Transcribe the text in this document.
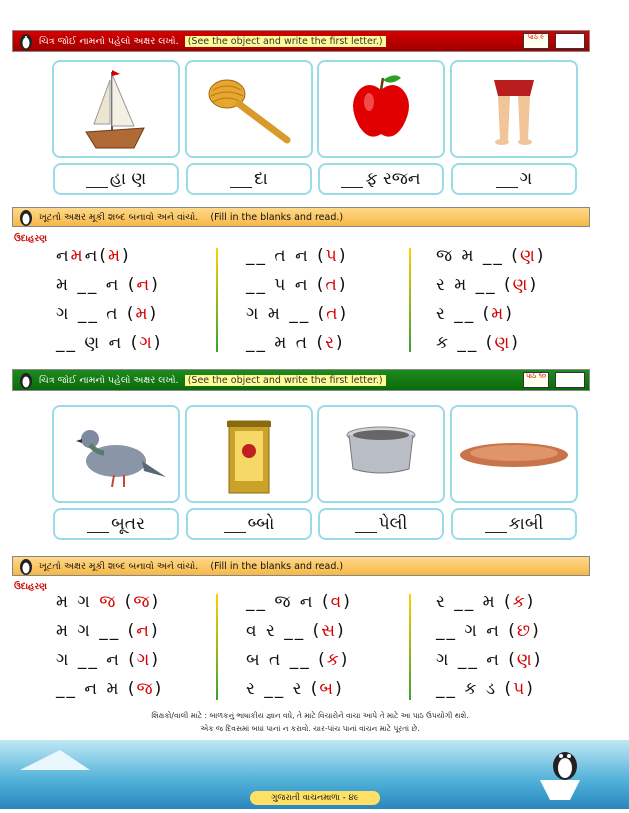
ચિત્ર જોઈ નામનો પહેલો અક્ષર લખો. (See the object and write the first letter.)	પાઠ ૯	C L
હા ણ	દા	ફ રજન	ગ
ખૂટતો અક્ષર મૂકી શબ્દ બનાવો અને વાંચો. (Fill in the blanks and read.)
ઉદાહરણ
નમન(મ)
મ __ ન (ન)
ગ __ ત (મ)
__ ણ ન (ગ)
__ ત ન (પ)
__ પ ન (ત)
ગ મ __ (ત)
__ મ ત (ર)
જ મ __ (ણ)
ર મ __ (ણ)
ર __ (મ)
ક __ (ણ)
ચિત્ર જોઈ નામનો પહેલો અક્ષર લખો. (See the object and write the first letter.)	પાઠ ૧૦	H L
બૂતર	બ્બો	પેલી	કાબી
ખૂટતો અક્ષર મૂકી શબ્દ બનાવો અને વાંચો. (Fill in the blanks and read.)
ઉદાહરણ
મ ગ જ (જ)
મ ગ __ (ન)
ગ __ ન (ગ)
__ ન મ (જ)
__ જ ન (વ)
વ ર __ (સ)
બ ત __ (ક)
ર __ ર (બ)
ર __ મ (ક)
__ ગ ન (છ)
ગ __ ન (ણ)
__ ક ડ (પ)
શિક્ષકો/વાલી માટે : બાળકનું ભાષાકીય જ્ઞાન વધે, તે માટે વિચારોને વાચા આપે તે માટે આ પાઠ ઉપયોગી થશે.
એક જ દિવસમાં બધાં પાનાં ન કરાવો. ચાર-પાંચ પાનાં વાંચન માટે પૂરતાં છે.
ગુજરાતી વાચનમાળા - ૪૯
